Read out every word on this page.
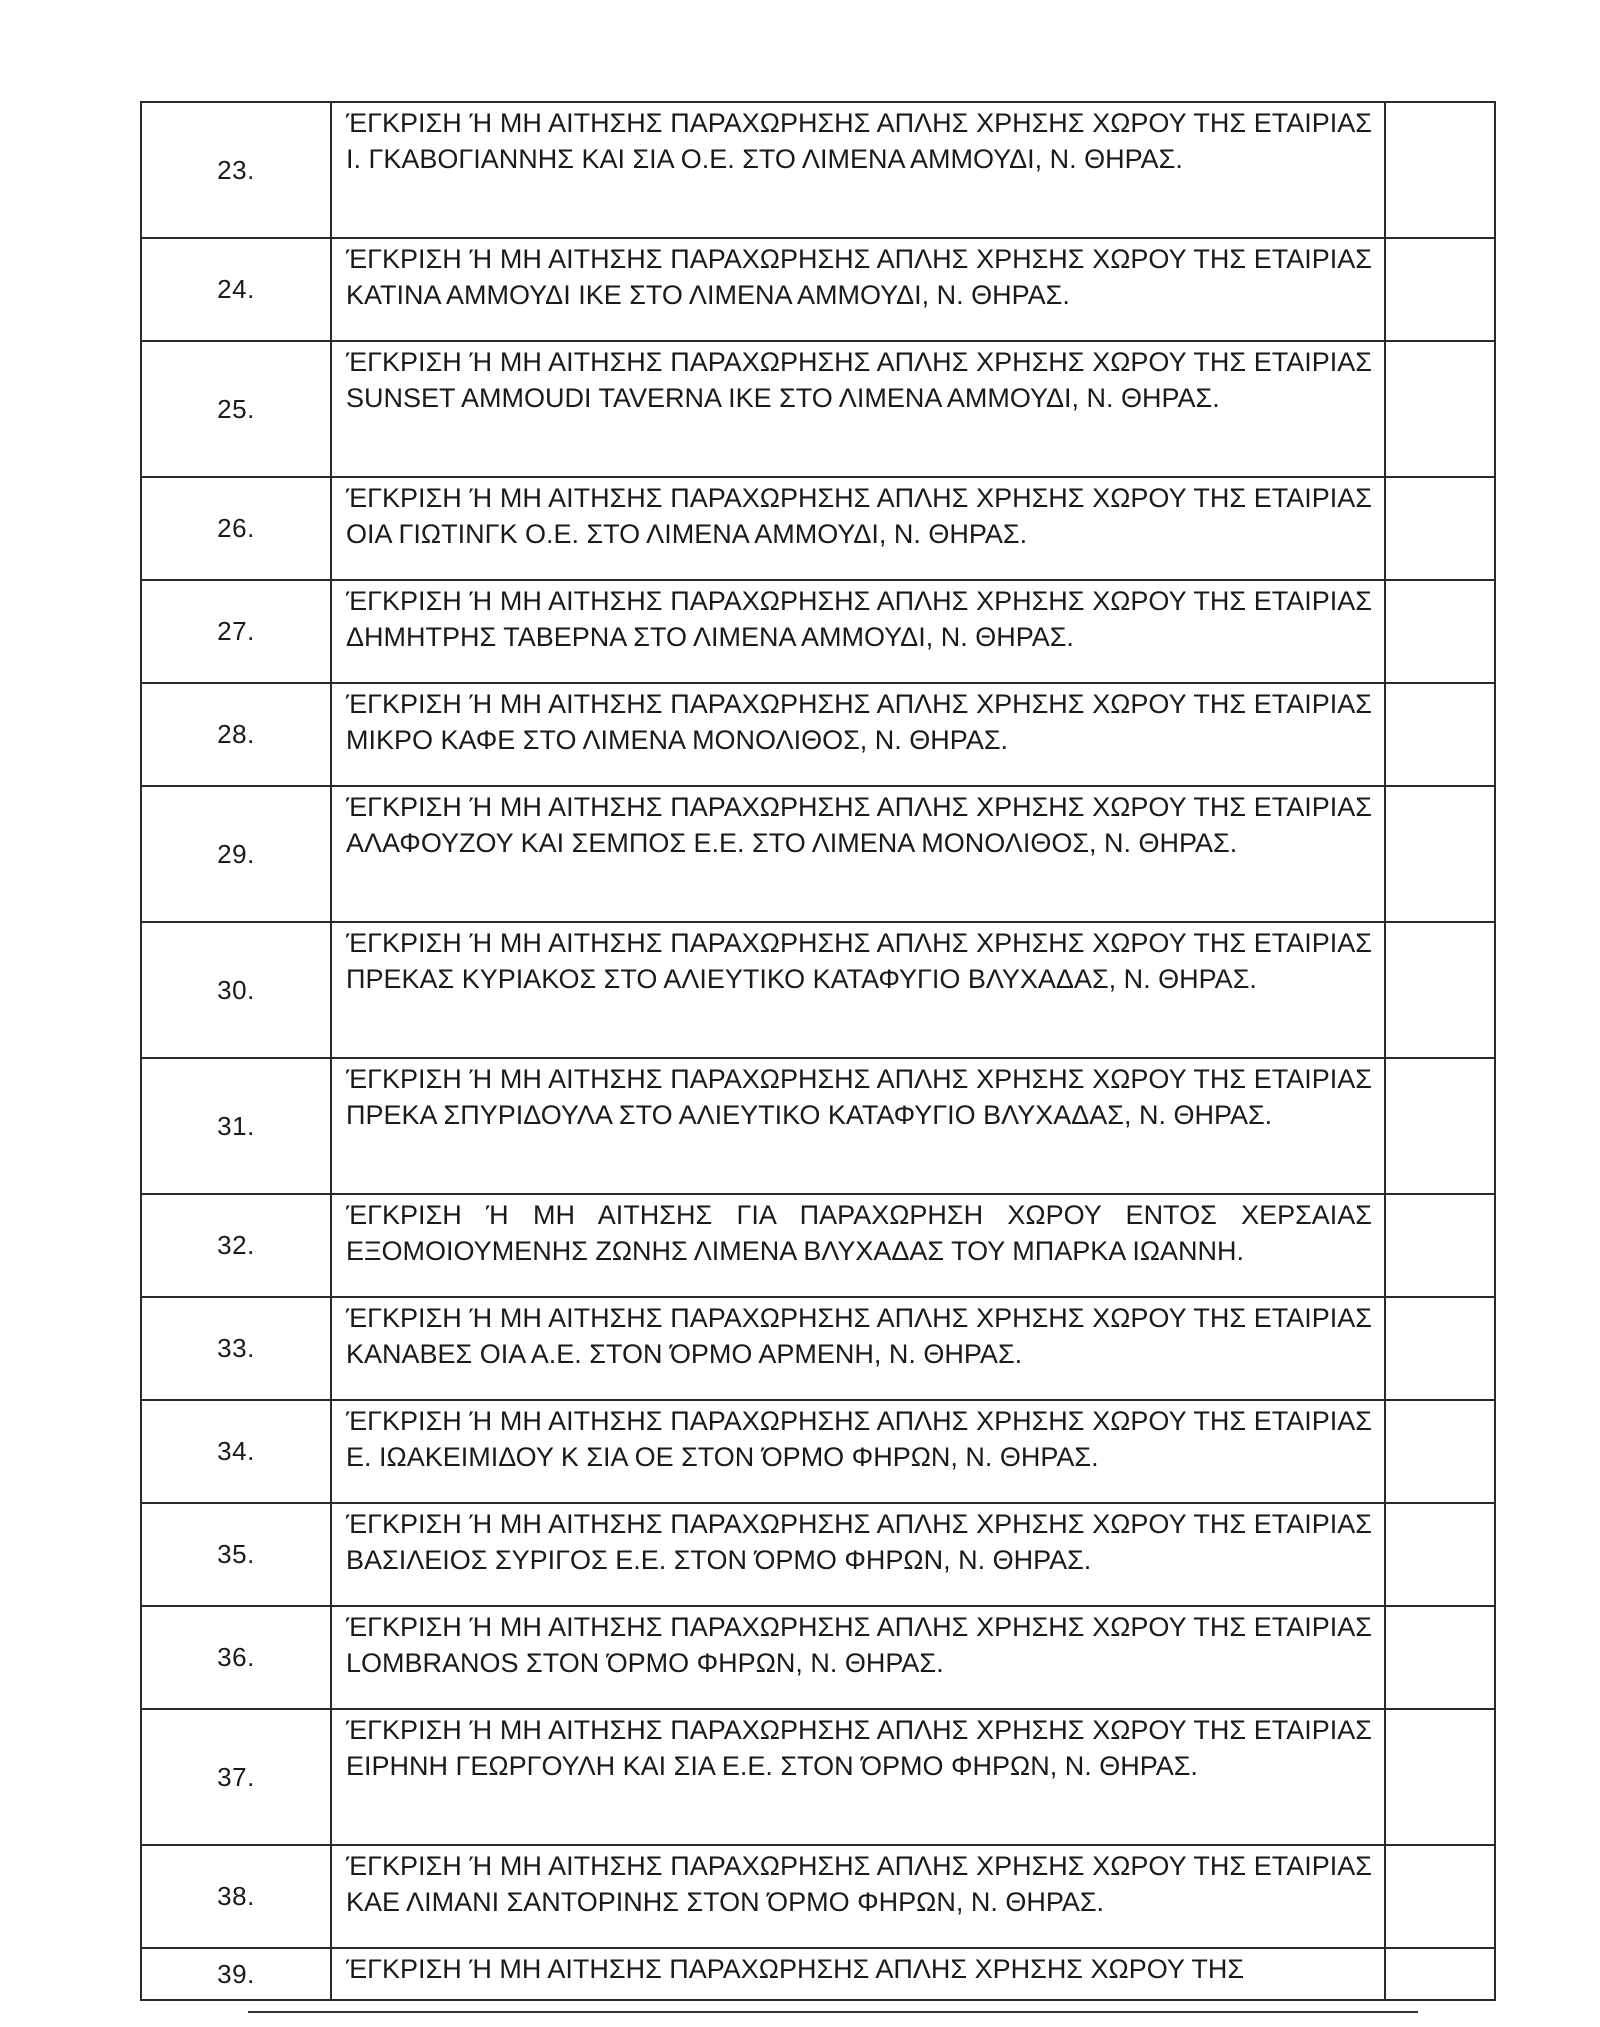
23.	ΈΓΚΡΙΣΗ Ή ΜΗ ΑΙΤΗΣΗΣ ΠΑΡΑΧΩΡΗΣΗΣ ΑΠΛΗΣ ΧΡΗΣΗΣ ΧΩΡΟΥ ΤΗΣ ΕΤΑΙΡΙΑΣ Ι. ΓΚΑΒΟΓΙΑΝΝΗΣ ΚΑΙ ΣΙΑ Ο.Ε. ΣΤΟ ΛΙΜΕΝΑ ΑΜΜΟΥΔΙ, Ν. ΘΗΡΑΣ.	

24.	ΈΓΚΡΙΣΗ Ή ΜΗ ΑΙΤΗΣΗΣ ΠΑΡΑΧΩΡΗΣΗΣ ΑΠΛΗΣ ΧΡΗΣΗΣ ΧΩΡΟΥ ΤΗΣ ΕΤΑΙΡΙΑΣ ΚΑΤΙΝΑ ΑΜΜΟΥΔΙ ΙΚΕ ΣΤΟ ΛΙΜΕΝΑ ΑΜΜΟΥΔΙ, Ν. ΘΗΡΑΣ.	

25.	ΈΓΚΡΙΣΗ Ή ΜΗ ΑΙΤΗΣΗΣ ΠΑΡΑΧΩΡΗΣΗΣ ΑΠΛΗΣ ΧΡΗΣΗΣ ΧΩΡΟΥ ΤΗΣ ΕΤΑΙΡΙΑΣ SUNSET AMMOUDI TAVERNA ΙΚΕ ΣΤΟ ΛΙΜΕΝΑ ΑΜΜΟΥΔΙ, Ν. ΘΗΡΑΣ.	

26.	ΈΓΚΡΙΣΗ Ή ΜΗ ΑΙΤΗΣΗΣ ΠΑΡΑΧΩΡΗΣΗΣ ΑΠΛΗΣ ΧΡΗΣΗΣ ΧΩΡΟΥ ΤΗΣ ΕΤΑΙΡΙΑΣ ΟΙΑ ΓΙΩΤΙΝΓΚ Ο.Ε. ΣΤΟ ΛΙΜΕΝΑ ΑΜΜΟΥΔΙ, Ν. ΘΗΡΑΣ.	

27.	ΈΓΚΡΙΣΗ Ή ΜΗ ΑΙΤΗΣΗΣ ΠΑΡΑΧΩΡΗΣΗΣ ΑΠΛΗΣ ΧΡΗΣΗΣ ΧΩΡΟΥ ΤΗΣ ΕΤΑΙΡΙΑΣ ΔΗΜΗΤΡΗΣ ΤΑΒΕΡΝΑ ΣΤΟ ΛΙΜΕΝΑ ΑΜΜΟΥΔΙ, Ν. ΘΗΡΑΣ.	

28.	ΈΓΚΡΙΣΗ Ή ΜΗ ΑΙΤΗΣΗΣ ΠΑΡΑΧΩΡΗΣΗΣ ΑΠΛΗΣ ΧΡΗΣΗΣ ΧΩΡΟΥ ΤΗΣ ΕΤΑΙΡΙΑΣ ΜΙΚΡΟ ΚΑΦΕ ΣΤΟ ΛΙΜΕΝΑ ΜΟΝΟΛΙΘΟΣ, Ν. ΘΗΡΑΣ.	

29.	ΈΓΚΡΙΣΗ Ή ΜΗ ΑΙΤΗΣΗΣ ΠΑΡΑΧΩΡΗΣΗΣ ΑΠΛΗΣ ΧΡΗΣΗΣ ΧΩΡΟΥ ΤΗΣ ΕΤΑΙΡΙΑΣ ΑΛΑΦΟΥΖΟΥ ΚΑΙ ΣΕΜΠΟΣ Ε.Ε. ΣΤΟ ΛΙΜΕΝΑ ΜΟΝΟΛΙΘΟΣ, Ν. ΘΗΡΑΣ.	

30.	ΈΓΚΡΙΣΗ Ή ΜΗ ΑΙΤΗΣΗΣ ΠΑΡΑΧΩΡΗΣΗΣ ΑΠΛΗΣ ΧΡΗΣΗΣ ΧΩΡΟΥ ΤΗΣ ΕΤΑΙΡΙΑΣ ΠΡΕΚΑΣ ΚΥΡΙΑΚΟΣ ΣΤΟ ΑΛΙΕΥΤΙΚΟ ΚΑΤΑΦΥΓΙΟ ΒΛΥΧΑΔΑΣ, Ν. ΘΗΡΑΣ.	

31.	ΈΓΚΡΙΣΗ Ή ΜΗ ΑΙΤΗΣΗΣ ΠΑΡΑΧΩΡΗΣΗΣ ΑΠΛΗΣ ΧΡΗΣΗΣ ΧΩΡΟΥ ΤΗΣ ΕΤΑΙΡΙΑΣ ΠΡΕΚΑ ΣΠΥΡΙΔΟΥΛΑ ΣΤΟ ΑΛΙΕΥΤΙΚΟ ΚΑΤΑΦΥΓΙΟ ΒΛΥΧΑΔΑΣ, Ν. ΘΗΡΑΣ.	

32.	ΈΓΚΡΙΣΗ Ή ΜΗ ΑΙΤΗΣΗΣ ΓΙΑ ΠΑΡΑΧΩΡΗΣΗ ΧΩΡΟΥ ΕΝΤΟΣ ΧΕΡΣΑΙΑΣ ΕΞΟΜΟΙΟΥΜΕΝΗΣ ΖΩΝΗΣ ΛΙΜΕΝΑ ΒΛΥΧΑΔΑΣ ΤΟΥ ΜΠΑΡΚΑ ΙΩΑΝΝΗ.	

33.	ΈΓΚΡΙΣΗ Ή ΜΗ ΑΙΤΗΣΗΣ ΠΑΡΑΧΩΡΗΣΗΣ ΑΠΛΗΣ ΧΡΗΣΗΣ ΧΩΡΟΥ ΤΗΣ ΕΤΑΙΡΙΑΣ ΚΑΝΑΒΕΣ ΟΙΑ Α.Ε. ΣΤΟΝ ΌΡΜΟ ΑΡΜΕΝΗ, Ν. ΘΗΡΑΣ.	

34.	ΈΓΚΡΙΣΗ Ή ΜΗ ΑΙΤΗΣΗΣ ΠΑΡΑΧΩΡΗΣΗΣ ΑΠΛΗΣ ΧΡΗΣΗΣ ΧΩΡΟΥ ΤΗΣ ΕΤΑΙΡΙΑΣ Ε. ΙΩΑΚΕΙΜΙΔΟΥ Κ ΣΙΑ ΟΕ ΣΤΟΝ ΌΡΜΟ ΦΗΡΩΝ, Ν. ΘΗΡΑΣ.	

35.	ΈΓΚΡΙΣΗ Ή ΜΗ ΑΙΤΗΣΗΣ ΠΑΡΑΧΩΡΗΣΗΣ ΑΠΛΗΣ ΧΡΗΣΗΣ ΧΩΡΟΥ ΤΗΣ ΕΤΑΙΡΙΑΣ ΒΑΣΙΛΕΙΟΣ ΣΥΡΙΓΟΣ Ε.Ε. ΣΤΟΝ ΌΡΜΟ ΦΗΡΩΝ, Ν. ΘΗΡΑΣ.	

36.	ΈΓΚΡΙΣΗ Ή ΜΗ ΑΙΤΗΣΗΣ ΠΑΡΑΧΩΡΗΣΗΣ ΑΠΛΗΣ ΧΡΗΣΗΣ ΧΩΡΟΥ ΤΗΣ ΕΤΑΙΡΙΑΣ LOMBRANOS ΣΤΟΝ ΌΡΜΟ ΦΗΡΩΝ, Ν. ΘΗΡΑΣ.	

37.	ΈΓΚΡΙΣΗ Ή ΜΗ ΑΙΤΗΣΗΣ ΠΑΡΑΧΩΡΗΣΗΣ ΑΠΛΗΣ ΧΡΗΣΗΣ ΧΩΡΟΥ ΤΗΣ ΕΤΑΙΡΙΑΣ ΕΙΡΗΝΗ ΓΕΩΡΓΟΥΛΗ ΚΑΙ ΣΙΑ Ε.Ε. ΣΤΟΝ ΌΡΜΟ ΦΗΡΩΝ, Ν. ΘΗΡΑΣ.	

38.	ΈΓΚΡΙΣΗ Ή ΜΗ ΑΙΤΗΣΗΣ ΠΑΡΑΧΩΡΗΣΗΣ ΑΠΛΗΣ ΧΡΗΣΗΣ ΧΩΡΟΥ ΤΗΣ ΕΤΑΙΡΙΑΣ ΚΑΕ ΛΙΜΑΝΙ ΣΑΝΤΟΡΙΝΗΣ ΣΤΟΝ ΌΡΜΟ ΦΗΡΩΝ, Ν. ΘΗΡΑΣ.	

39.	ΈΓΚΡΙΣΗ Ή ΜΗ ΑΙΤΗΣΗΣ ΠΑΡΑΧΩΡΗΣΗΣ ΑΠΛΗΣ ΧΡΗΣΗΣ ΧΩΡΟΥ ΤΗΣ	
